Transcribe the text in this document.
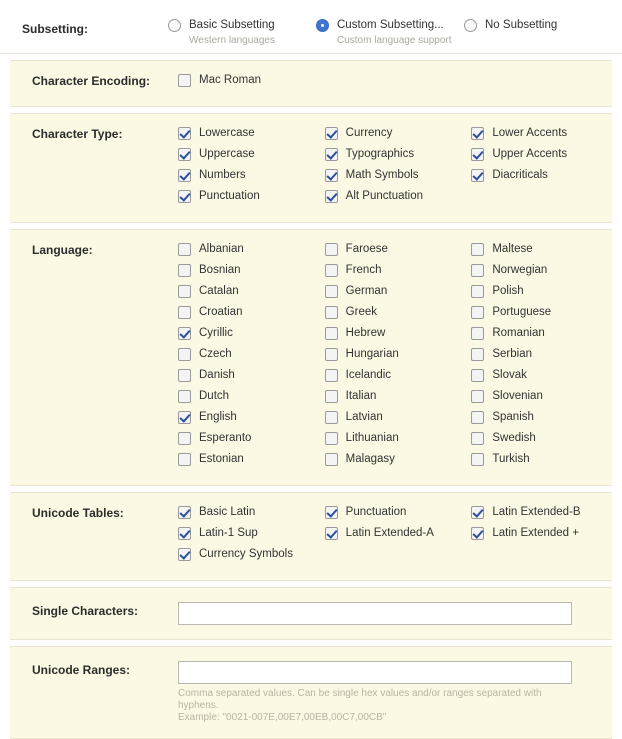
Subsetting:	Basic Subsetting
Western languages
Custom Subsetting...
Custom language support
No Subsetting
Character Encoding:	Mac Roman
Character Type:	Lowercase
Uppercase
Numbers
Punctuation
Currency
Typographics
Math Symbols
Alt Punctuation
Lower Accents
Upper Accents
Diacriticals
Language:	Albanian
Bosnian
Catalan
Croatian
Cyrillic
Czech
Danish
Dutch
English
Esperanto
Estonian
Faroese
French
German
Greek
Hebrew
Hungarian
Icelandic
Italian
Latvian
Lithuanian
Malagasy
Maltese
Norwegian
Polish
Portuguese
Romanian
Serbian
Slovak
Slovenian
Spanish
Swedish
Turkish
Unicode Tables:	Basic Latin
Latin-1 Sup
Currency Symbols
Punctuation
Latin Extended-A
Latin Extended-B
Latin Extended +
Single Characters:
Unicode Ranges:
Comma separated values. Can be single hex values and/or ranges separated with hyphens.
Example: "0021-007E,00E7,00EB,00C7,00CB"
